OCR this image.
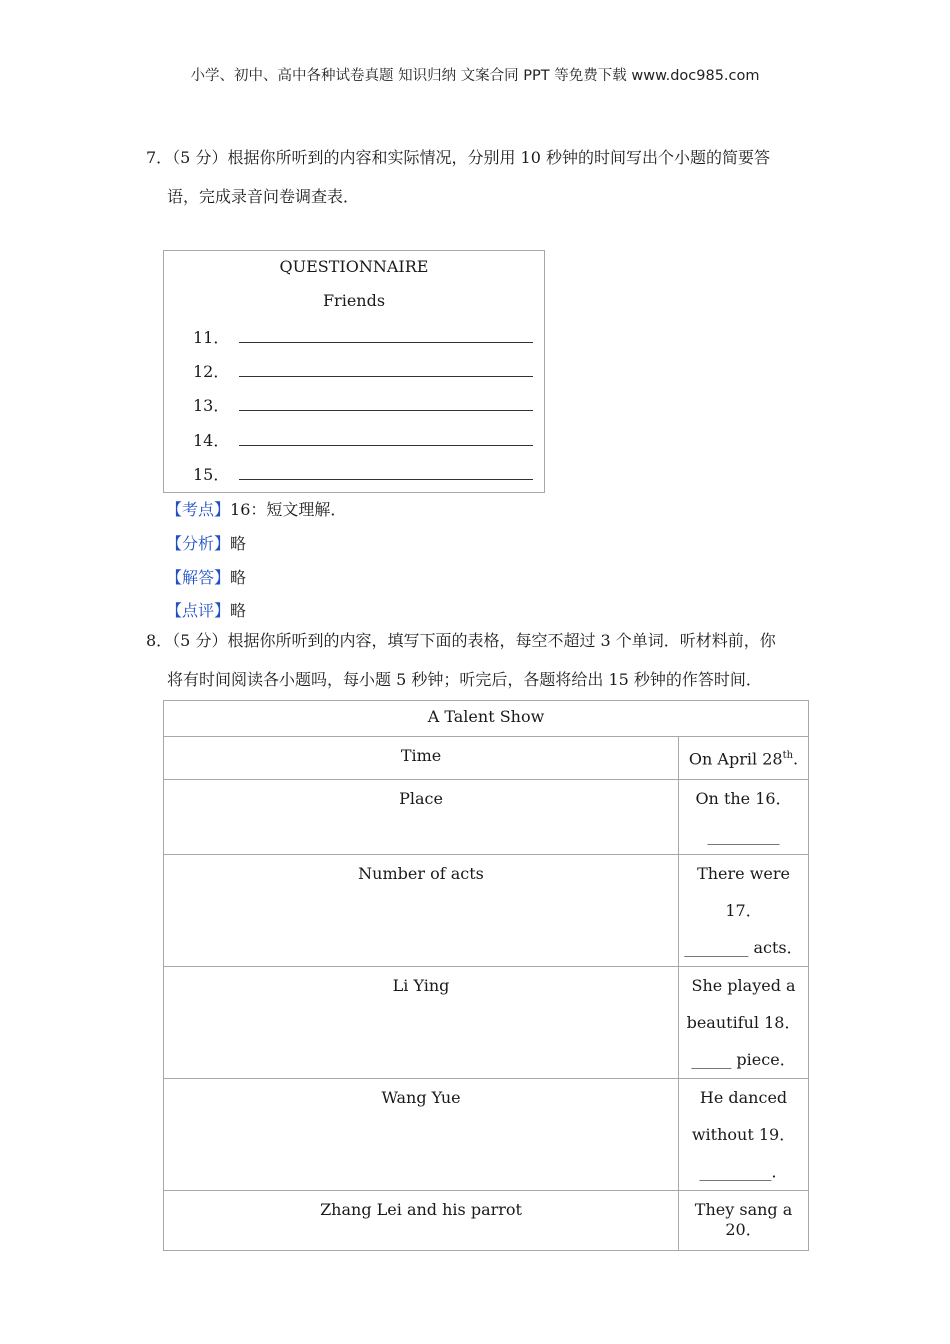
小学、初中、高中各种试卷真题 知识归纳 文案合同 PPT 等免费下载 www.doc985.com
7．（5 分）根据你所听到的内容和实际情况，分别用 10 秒钟的时间写出个小题的简要答
语，完成录音问卷调查表．
QUESTIONNAIRE
Friends
11．
12．
13．
14．
15．
【考点】16：短文理解．
【分析】略
【解答】略
【点评】略
8．（5 分）根据你所听到的内容，填写下面的表格，每空不超过 3 个单词．听材料前，你
将有时间阅读各小题吗，每小题 5 秒钟；听完后，各题将给出 15 秒钟的作答时间．
A Talent Show	
Time	On April 28th.
Place	On the 16．
_________

Number of acts	There were 17．
________ acts．

Li Ying	She played a
beautiful 18．
_____ piece．

Wang Yue	He danced
without 19．
_________．

Zhang Lei and his parrot	They sang a 20．
